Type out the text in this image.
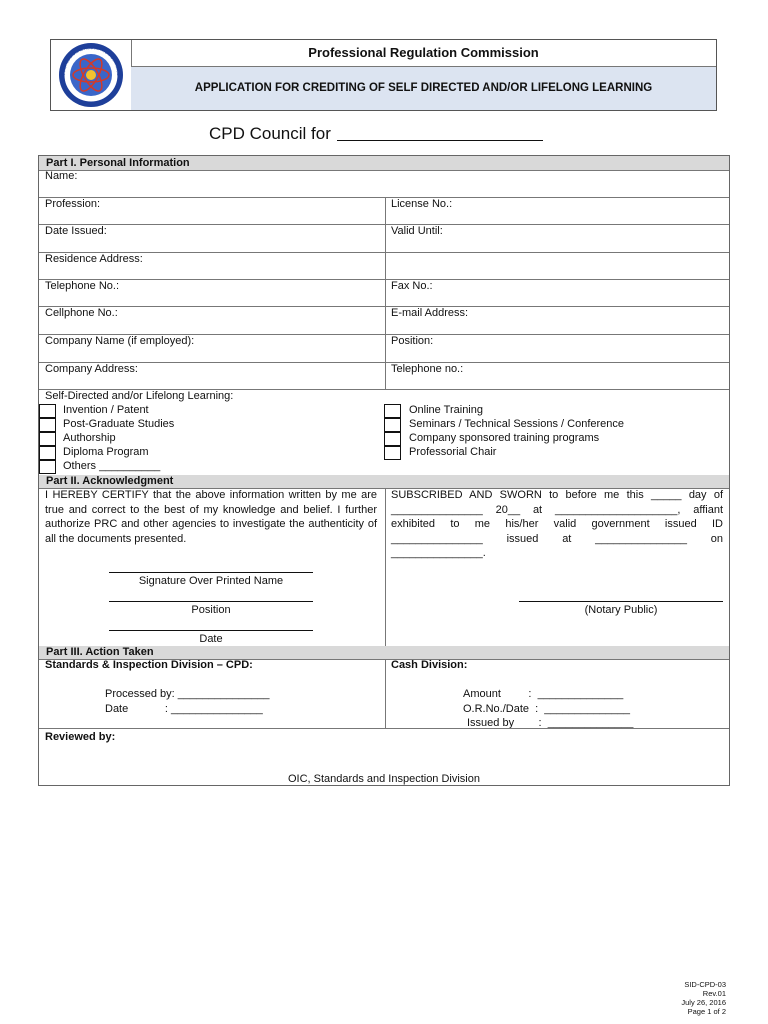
PROFESSIONAL REGULATION COMMISS
Professional Regulation Commission
APPLICATION FOR CREDITING OF SELF DIRECTED AND/OR LIFELONG LEARNING
CPD Council for
Part I. Personal Information
Name:
Profession:	License No.:
Date Issued:	Valid Until:
Residence Address:
Telephone No.:	Fax No.:
Cellphone No.:	E-mail Address:
Company Name (if employed):	Position:
Company Address:	Telephone no.:
Self-Directed and/or Lifelong Learning:
Invention / Patent
Post-Graduate Studies
Authorship
Diploma Program
Others __________
Online Training
Seminars / Technical Sessions / Conference
Company sponsored training programs
Professorial Chair
Part II. Acknowledgment
I HEREBY CERTIFY that the above information written by me are true and correct to the best of my knowledge and belief. I further authorize PRC and other agencies to investigate the authenticity of all the documents presented.
SUBSCRIBED AND SWORN to before me this _____ day of _______________ 20__ at ____________________, affiant exhibited to me his/her valid government issued ID _______________ issued at _______________ on _______________.
Signature Over Printed Name
Position
Date
(Notary Public)
Part III. Action Taken
Standards & Inspection Division – CPD:
Processed by: _______________
Date            : _______________
Cash Division:
Amount         :  ______________
O.R.No./Date  :  ______________
Issued by        :  ______________
Reviewed by:
OIC, Standards and Inspection Division
SID-CPD-03
Rev.01
July 26, 2016
Page 1 of 2
